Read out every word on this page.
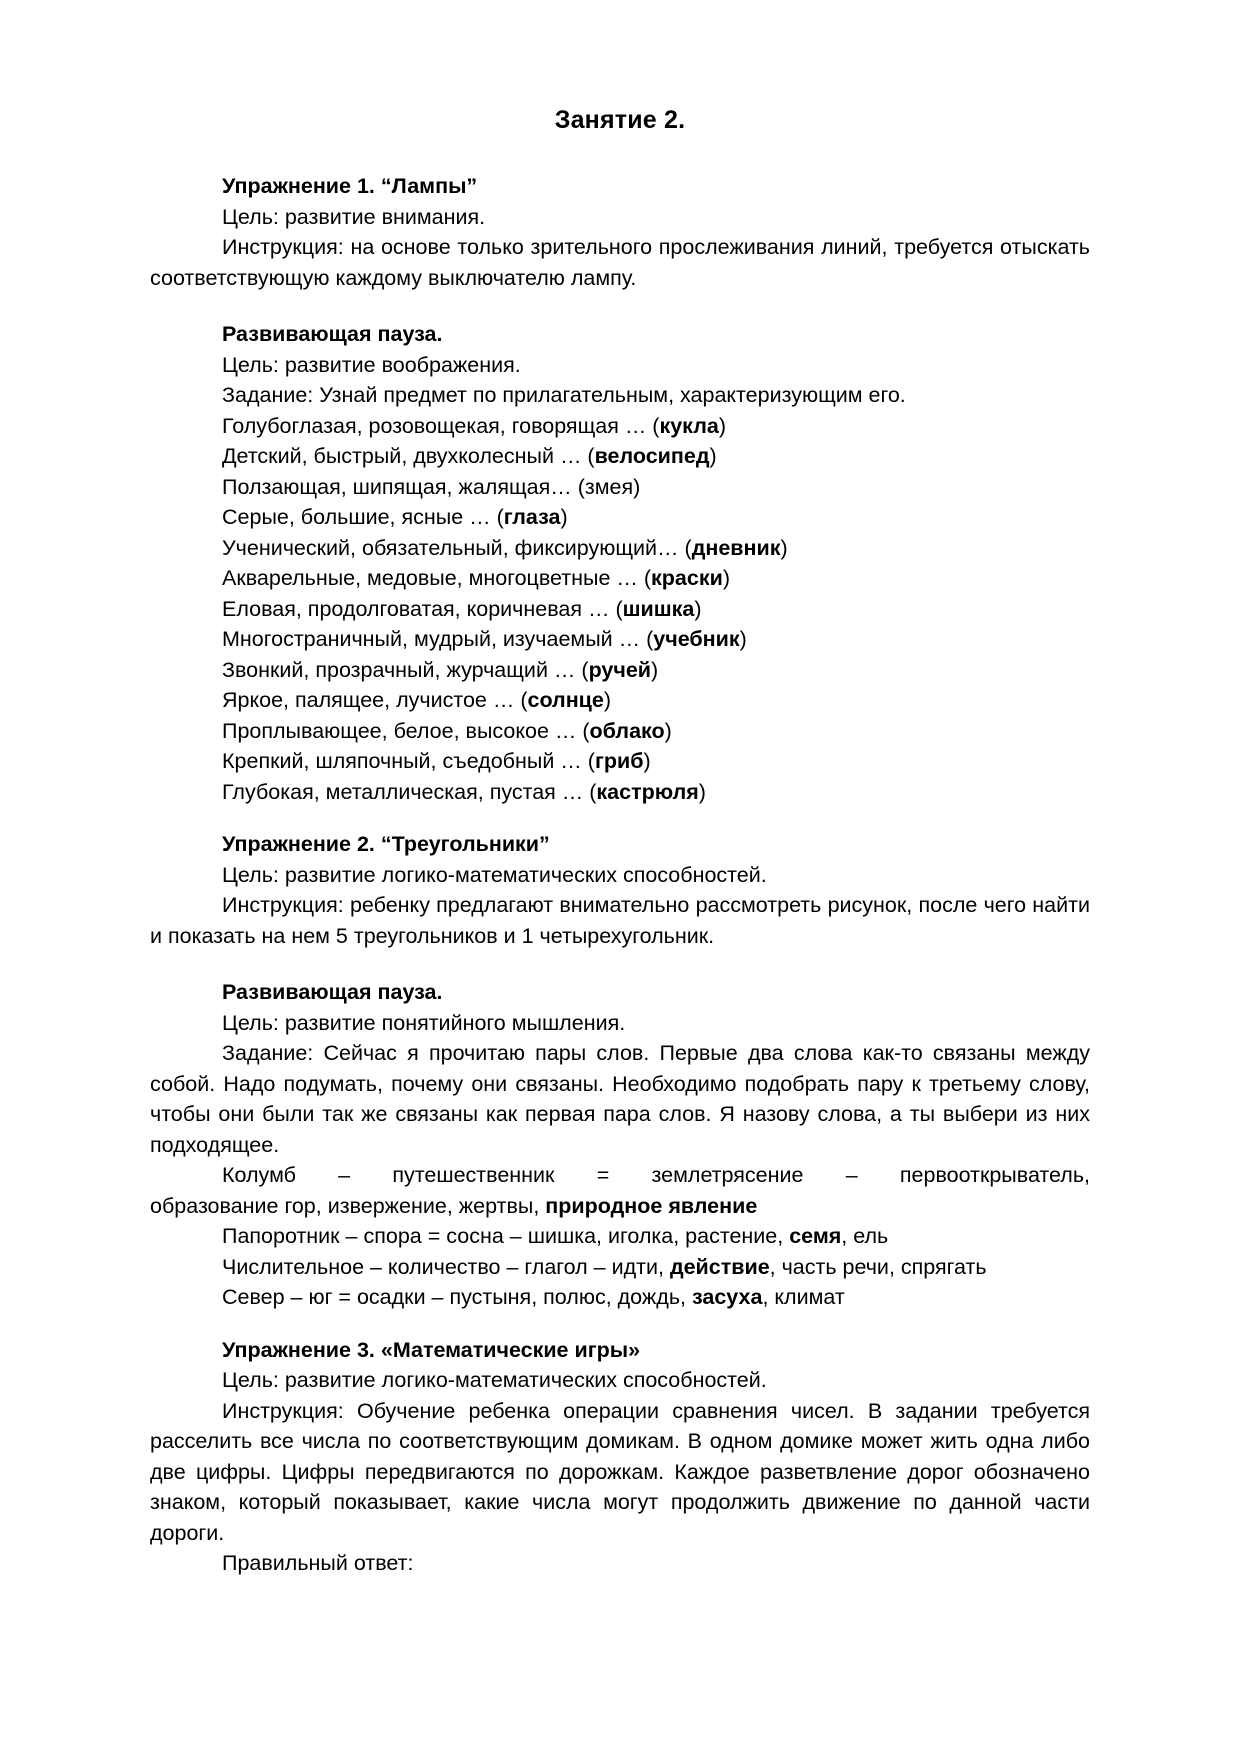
Занятие 2.

Упражнение 1. “Лампы”

Цель: развитие внимания.

Инструкция: на основе только зрительного прослеживания линий, требуется отыскать соответствующую каждому выключателю лампу.

Развивающая пауза.

Цель: развитие воображения.

Задание: Узнай предмет по прилагательным, характеризующим его.

Голубоглазая, розовощекая, говорящая … (кукла)

Детский, быстрый, двухколесный … (велосипед)

Ползающая, шипящая, жалящая… (змея)

Серые, большие, ясные … (глаза)

Ученический, обязательный, фиксирующий… (дневник)

Акварельные, медовые, многоцветные … (краски)

Еловая, продолговатая, коричневая … (шишка)

Многостраничный, мудрый, изучаемый … (учебник)

Звонкий, прозрачный, журчащий … (ручей)

Яркое, палящее, лучистое … (солнце)

Проплывающее, белое, высокое … (облако)

Крепкий, шляпочный, съедобный … (гриб)

Глубокая, металлическая, пустая … (кастрюля)

Упражнение 2. “Треугольники”

Цель: развитие логико-математических способностей.

Инструкция: ребенку предлагают внимательно рассмотреть рисунок, после чего найти и показать на нем 5 треугольников и 1 четырехугольник.

Развивающая пауза.

Цель: развитие понятийного мышления.

Задание: Сейчас я прочитаю пары слов. Первые два слова как-то связаны между собой. Надо подумать, почему они связаны. Необходимо подобрать пару к третьему слову, чтобы они были так же связаны как первая пара слов. Я назову слова, а ты выбери из них подходящее.

Колумб – путешественник = землетрясение – первооткрыватель,

образование гор, извержение, жертвы, природное явление

Папоротник – спора = сосна – шишка, иголка, растение, семя, ель

Числительное – количество – глагол – идти, действие, часть речи, спрягать

Север – юг = осадки – пустыня, полюс, дождь, засуха, климат

Упражнение 3. «Математические игры»

Цель: развитие логико-математических способностей.

Инструкция: Обучение ребенка операции сравнения чисел. В задании требуется расселить все числа по соответствующим домикам. В одном домике может жить одна либо две цифры. Цифры передвигаются по дорожкам. Каждое разветвление дорог обозначено знаком, который показывает, какие числа могут продолжить движение по данной части дороги.

Правильный ответ:
